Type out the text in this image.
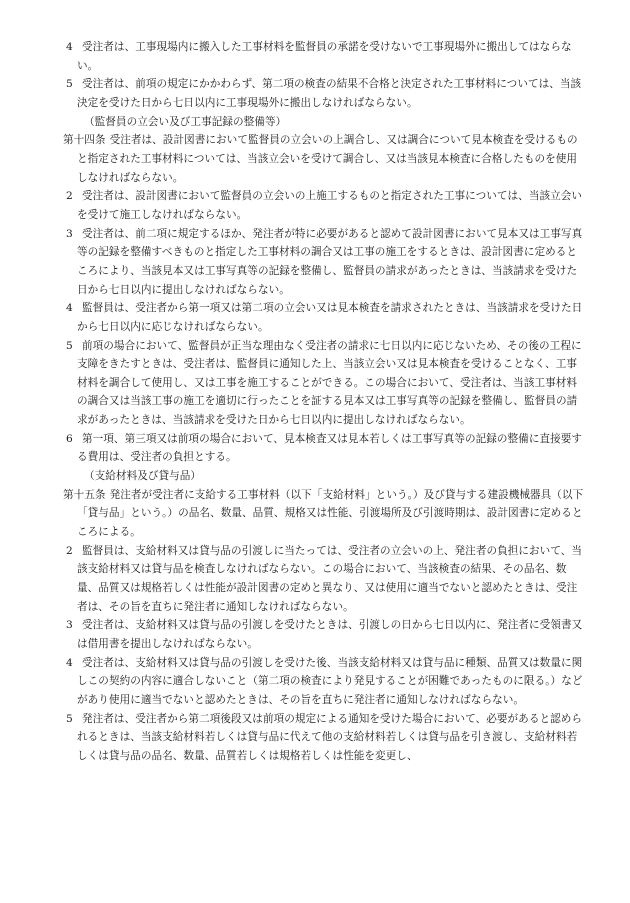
4 受注者は、工事現場内に搬入した工事材料を監督員の承諾を受けないで工事現場外に搬出してはならない。

5 受注者は、前項の規定にかかわらず、第二項の検査の結果不合格と決定された工事材料については、当該決定を受けた日から七日以内に工事現場外に搬出しなければならない。

（監督員の立会い及び工事記録の整備等）

第十四条 受注者は、設計図書において監督員の立会いの上調合し、又は調合について見本検査を受けるものと指定された工事材料については、当該立会いを受けて調合し、又は当該見本検査に合格したものを使用しなければならない。

2 受注者は、設計図書において監督員の立会いの上施工するものと指定された工事については、当該立会いを受けて施工しなければならない。

3 受注者は、前二項に規定するほか、発注者が特に必要があると認めて設計図書において見本又は工事写真等の記録を整備すべきものと指定した工事材料の調合又は工事の施工をするときは、設計図書に定めるところにより、当該見本又は工事写真等の記録を整備し、監督員の請求があったときは、当該請求を受けた日から七日以内に提出しなければならない。

4 監督員は、受注者から第一項又は第二項の立会い又は見本検査を請求されたときは、当該請求を受けた日から七日以内に応じなければならない。

5 前項の場合において、監督員が正当な理由なく受注者の請求に七日以内に応じないため、その後の工程に支障をきたすときは、受注者は、監督員に通知した上、当該立会い又は見本検査を受けることなく、工事材料を調合して使用し、又は工事を施工することができる。この場合において、受注者は、当該工事材料の調合又は当該工事の施工を適切に行ったことを証する見本又は工事写真等の記録を整備し、監督員の請求があったときは、当該請求を受けた日から七日以内に提出しなければならない。

6 第一項、第三項又は前項の場合において、見本検査又は見本若しくは工事写真等の記録の整備に直接要する費用は、受注者の負担とする。

（支給材料及び貸与品）

第十五条 発注者が受注者に支給する工事材料（以下「支給材料」という。）及び貸与する建設機械器具（以下「貸与品」という。）の品名、数量、品質、規格又は性能、引渡場所及び引渡時期は、設計図書に定めるところによる。

2 監督員は、支給材料又は貸与品の引渡しに当たっては、受注者の立会いの上、発注者の負担において、当該支給材料又は貸与品を検査しなければならない。この場合において、当該検査の結果、その品名、数量、品質又は規格若しくは性能が設計図書の定めと異なり、又は使用に適当でないと認めたときは、受注者は、その旨を直ちに発注者に通知しなければならない。

3 受注者は、支給材料又は貸与品の引渡しを受けたときは、引渡しの日から七日以内に、発注者に受領書又は借用書を提出しなければならない。

4 受注者は、支給材料又は貸与品の引渡しを受けた後、当該支給材料又は貸与品に種類、品質又は数量に関しこの契約の内容に適合しないこと（第二項の検査により発見することが困難であったものに限る。）などがあり使用に適当でないと認めたときは、その旨を直ちに発注者に通知しなければならない。

5 発注者は、受注者から第二項後段又は前項の規定による通知を受けた場合において、必要があると認められるときは、当該支給材料若しくは貸与品に代えて他の支給材料若しくは貸与品を引き渡し、支給材料若しくは貸与品の品名、数量、品質若しくは規格若しくは性能を変更し、
